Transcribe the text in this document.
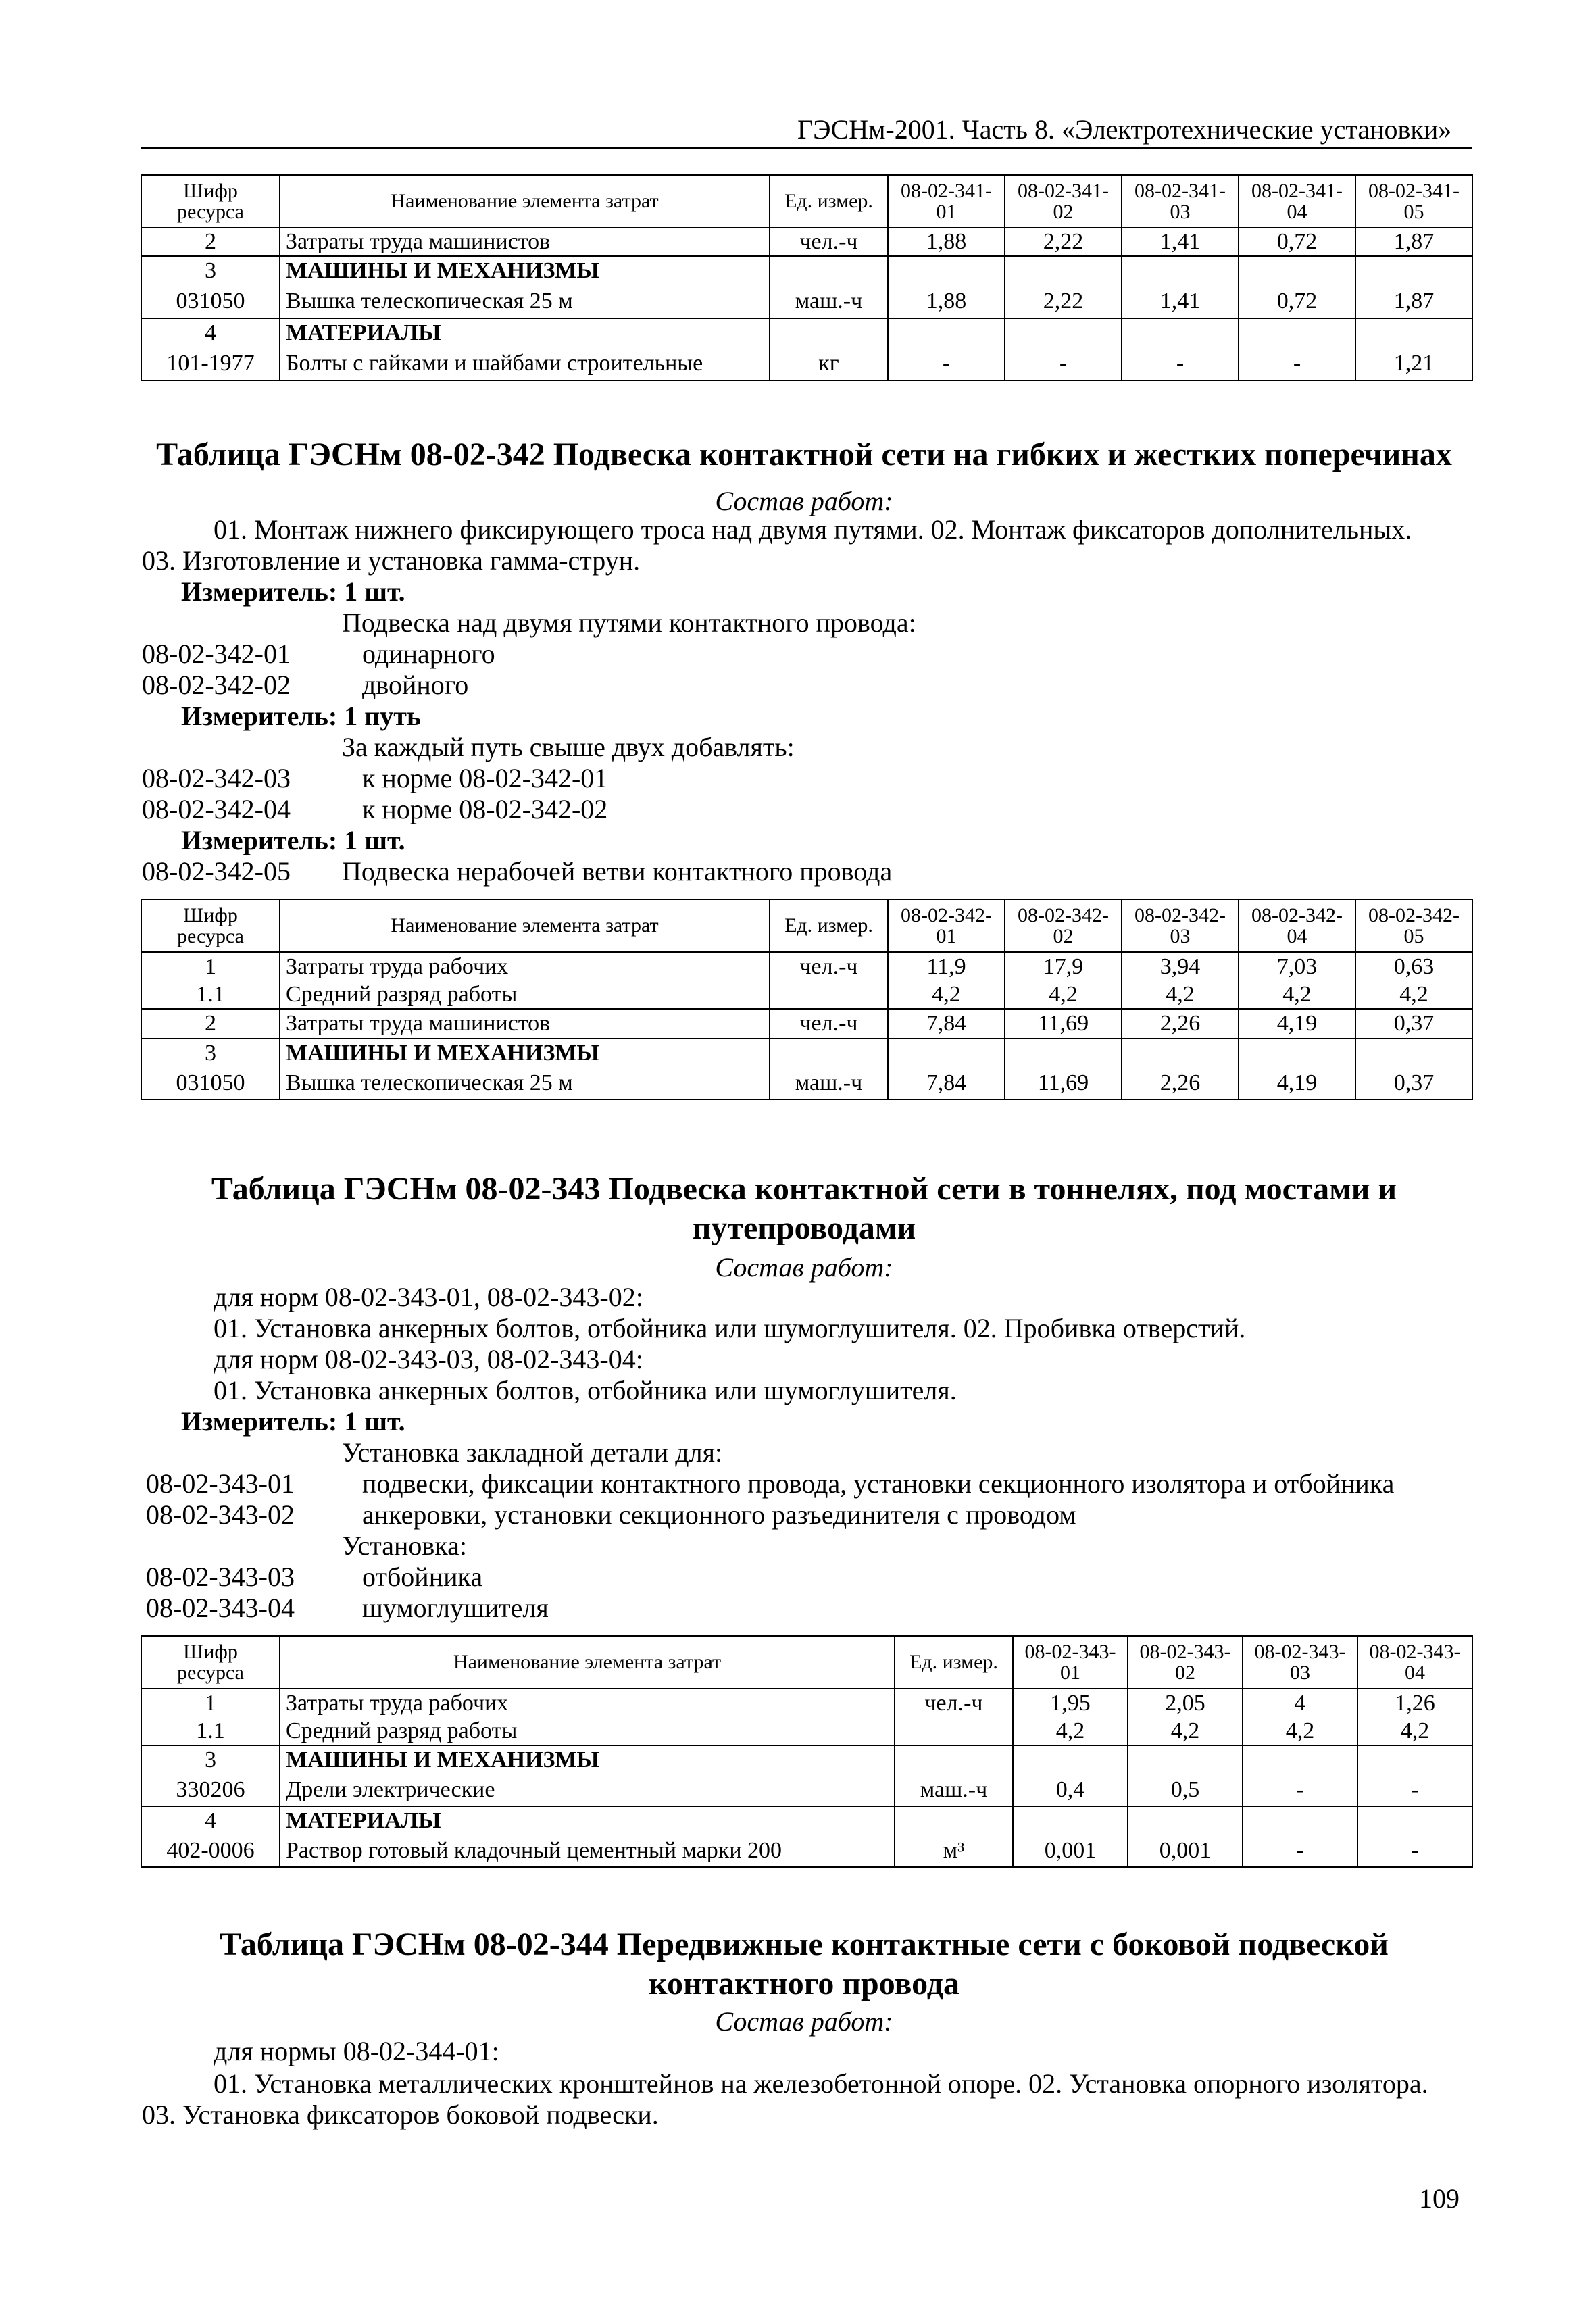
ГЭСНм-2001. Часть 8. «Электротехнические установки»
Шифр ресурса	Наименование элемента затрат	Ед. измер.	08-02-341-01	08-02-341-02	08-02-341-03	08-02-341-04	08-02-341-05
2	Затраты труда машинистов	чел.-ч	1,88	2,22	1,41	0,72	1,87
3	МАШИНЫ И МЕХАНИЗМЫ						
031050	Вышка телескопическая 25 м	маш.-ч	1,88	2,22	1,41	0,72	1,87
4	МАТЕРИАЛЫ						
101-1977	Болты с гайками и шайбами строительные	кг	-	-	-	-	1,21
Таблица ГЭСНм 08-02-342 Подвеска контактной сети на гибких и жестких поперечинах
Состав работ:
01. Монтаж нижнего фиксирующего троса над двумя путями. 02. Монтаж фиксаторов дополнительных.
03. Изготовление и установка гамма-струн.
Измеритель: 1 шт.
Подвеска над двумя путями контактного провода:
08-02-342-01	одинарного
08-02-342-02	двойного
Измеритель: 1 путь
За каждый путь свыше двух добавлять:
08-02-342-03	к норме 08-02-342-01
08-02-342-04	к норме 08-02-342-02
Измеритель: 1 шт.
08-02-342-05 Подвеска нерабочей ветви контактного провода
Шифр ресурса	Наименование элемента затрат	Ед. измер.	08-02-342-01	08-02-342-02	08-02-342-03	08-02-342-04	08-02-342-05
1	Затраты труда рабочих	чел.-ч	11,9	17,9	3,94	7,03	0,63
1.1	Средний разряд работы		4,2	4,2	4,2	4,2	4,2
2	Затраты труда машинистов	чел.-ч	7,84	11,69	2,26	4,19	0,37
3	МАШИНЫ И МЕХАНИЗМЫ						
031050	Вышка телескопическая 25 м	маш.-ч	7,84	11,69	2,26	4,19	0,37
Таблица ГЭСНм 08-02-343 Подвеска контактной сети в тоннелях, под мостами и
путепроводами
Состав работ:
для норм 08-02-343-01, 08-02-343-02:
01. Установка анкерных болтов, отбойника или шумоглушителя. 02. Пробивка отверстий.
для норм 08-02-343-03, 08-02-343-04:
01. Установка анкерных болтов, отбойника или шумоглушителя.
Измеритель: 1 шт.
Установка закладной детали для:
08-02-343-01	подвески, фиксации контактного провода, установки секционного изолятора и отбойника
08-02-343-02	анкеровки, установки секционного разъединителя с проводом
Установка:
08-02-343-03	отбойника
08-02-343-04	шумоглушителя
Шифр ресурса	Наименование элемента затрат	Ед. измер.	08-02-343-01	08-02-343-02	08-02-343-03	08-02-343-04
1	Затраты труда рабочих	чел.-ч	1,95	2,05	4	1,26
1.1	Средний разряд работы		4,2	4,2	4,2	4,2
3	МАШИНЫ И МЕХАНИЗМЫ					
330206	Дрели электрические	маш.-ч	0,4	0,5	-	-
4	МАТЕРИАЛЫ					
402-0006	Раствор готовый кладочный цементный марки 200	м³	0,001	0,001	-	-
Таблица ГЭСНм 08-02-344 Передвижные контактные сети с боковой подвеской
контактного провода
Состав работ:
для нормы 08-02-344-01:
01. Установка металлических кронштейнов на железобетонной опоре. 02. Установка опорного изолятора.
03. Установка фиксаторов боковой подвески.
109
